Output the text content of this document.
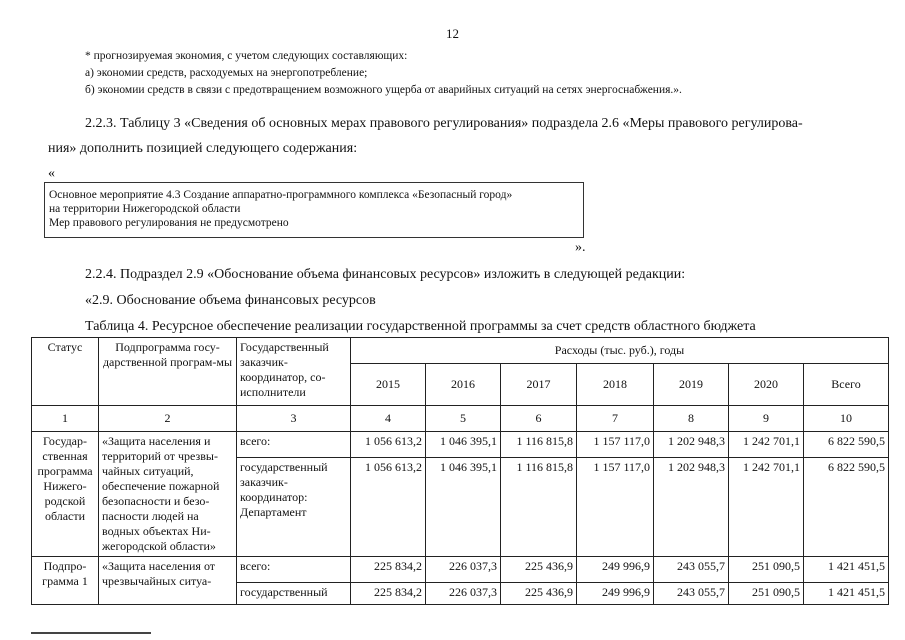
12
* прогнозируемая экономия, с учетом следующих составляющих:
а) экономии средств, расходуемых на энергопотребление;
б) экономии средств в связи с предотвращением возможного ущерба от аварийных ситуаций на сетях энергоснабжения.».
2.2.3. Таблицу 3 «Сведения об основных мерах правового регулирования» подраздела 2.6 «Меры правового регулирова-
ния» дополнить позицией следующего содержания:
«
Основное мероприятие 4.3 Создание аппаратно-программного комплекса «Безопасный город»
на территории Нижегородской области
Мер правового регулирования не предусмотрено
».
2.2.4. Подраздел 2.9 «Обоснование объема финансовых ресурсов» изложить в следующей редакции:
«2.9. Обоснование объема финансовых ресурсов
Таблица 4. Ресурсное обеспечение реализации государственной программы за счет средств областного бюджета
Статус	Подпрограмма госу-дарственной програм-мы	Государственный заказчик-координатор, со-исполнители	Расходы (тыс. руб.), годы						
			2015	2016	2017	2018	2019	2020	Всего
1	2	3	4	5	6	7	8	9	10
Государ-ственная программа Нижего-родской области	«Защита населения и территорий от чрезвы-чайных ситуаций, обеспечение пожарной безопасности и безо-пасности людей на водных объектах Ни-жегородской области»	всего:	1 056 613,2	1 046 395,1	1 116 815,8	1 157 117,0	1 202 948,3	1 242 701,1	6 822 590,5
		государственный заказчик-координатор: Департамент	1 056 613,2	1 046 395,1	1 116 815,8	1 157 117,0	1 202 948,3	1 242 701,1	6 822 590,5
Подпро-грамма 1	«Защита населения от чрезвычайных ситуа-	всего:	225 834,2	226 037,3	225 436,9	249 996,9	243 055,7	251 090,5	1 421 451,5
		государственный	225 834,2	226 037,3	225 436,9	249 996,9	243 055,7	251 090,5	1 421 451,5
